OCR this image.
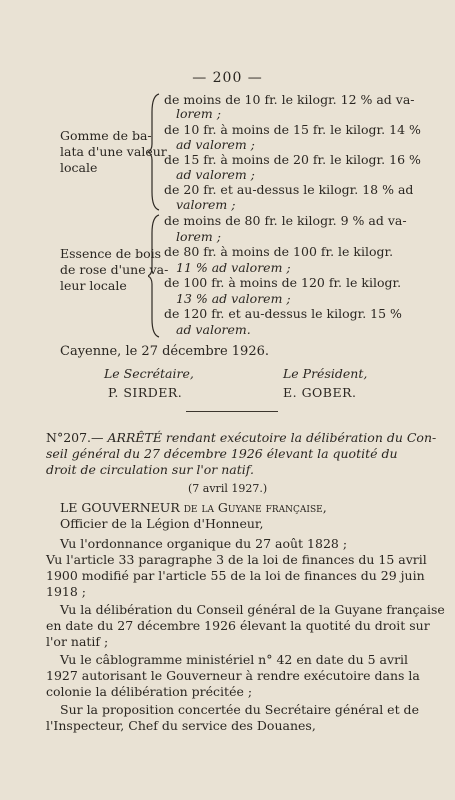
— 200 —
Gomme de ba-
lata d'une valeur
locale
de moins de 10 fr. le kilogr. 12 % ad va-
lorem ;
de 10 fr. à moins de 15 fr. le kilogr. 14 %
ad valorem ;
de 15 fr. à moins de 20 fr. le kilogr. 16 %
ad valorem ;
de 20 fr. et au-dessus le kilogr. 18 % ad
valorem ;
Essence de bois
de rose d'une va-
leur locale
de moins de 80 fr. le kilogr. 9 % ad va-
lorem ;
de 80 fr. à moins de 100 fr. le kilogr.
11 % ad valorem ;
de 100 fr. à moins de 120 fr. le kilogr.
13 % ad valorem ;
de 120 fr. et au-dessus le kilogr. 15 %
ad valorem.
Cayenne, le 27 décembre 1926.
Le Secrétaire,
P. SIRDER.
Le Président,
E. GOBER.
N°207.— ARRÊTÉ rendant exécutoire la délibération du Con-
seil général du 27 décembre 1926 élevant la quotité du
droit de circulation sur l'or natif.
(7 avril 1927.)
LE GOUVERNEUR de la Guyane française,
Officier de la Légion d'Honneur,
Vu l'ordonnance organique du 27 août 1828 ;
Vu l'article 33 paragraphe 3 de la loi de finances du 15 avril
1900 modifié par l'article 55 de la loi de finances du 29 juin
1918 ;
Vu la délibération du Conseil général de la Guyane française
en date du 27 décembre 1926 élevant la quotité du droit sur
l'or natif ;
Vu le câblogramme ministériel n° 42 en date du 5 avril
1927 autorisant le Gouverneur à rendre exécutoire dans la
colonie la délibération précitée ;
Sur la proposition concertée du Secrétaire général et de
l'Inspecteur, Chef du service des Douanes,
